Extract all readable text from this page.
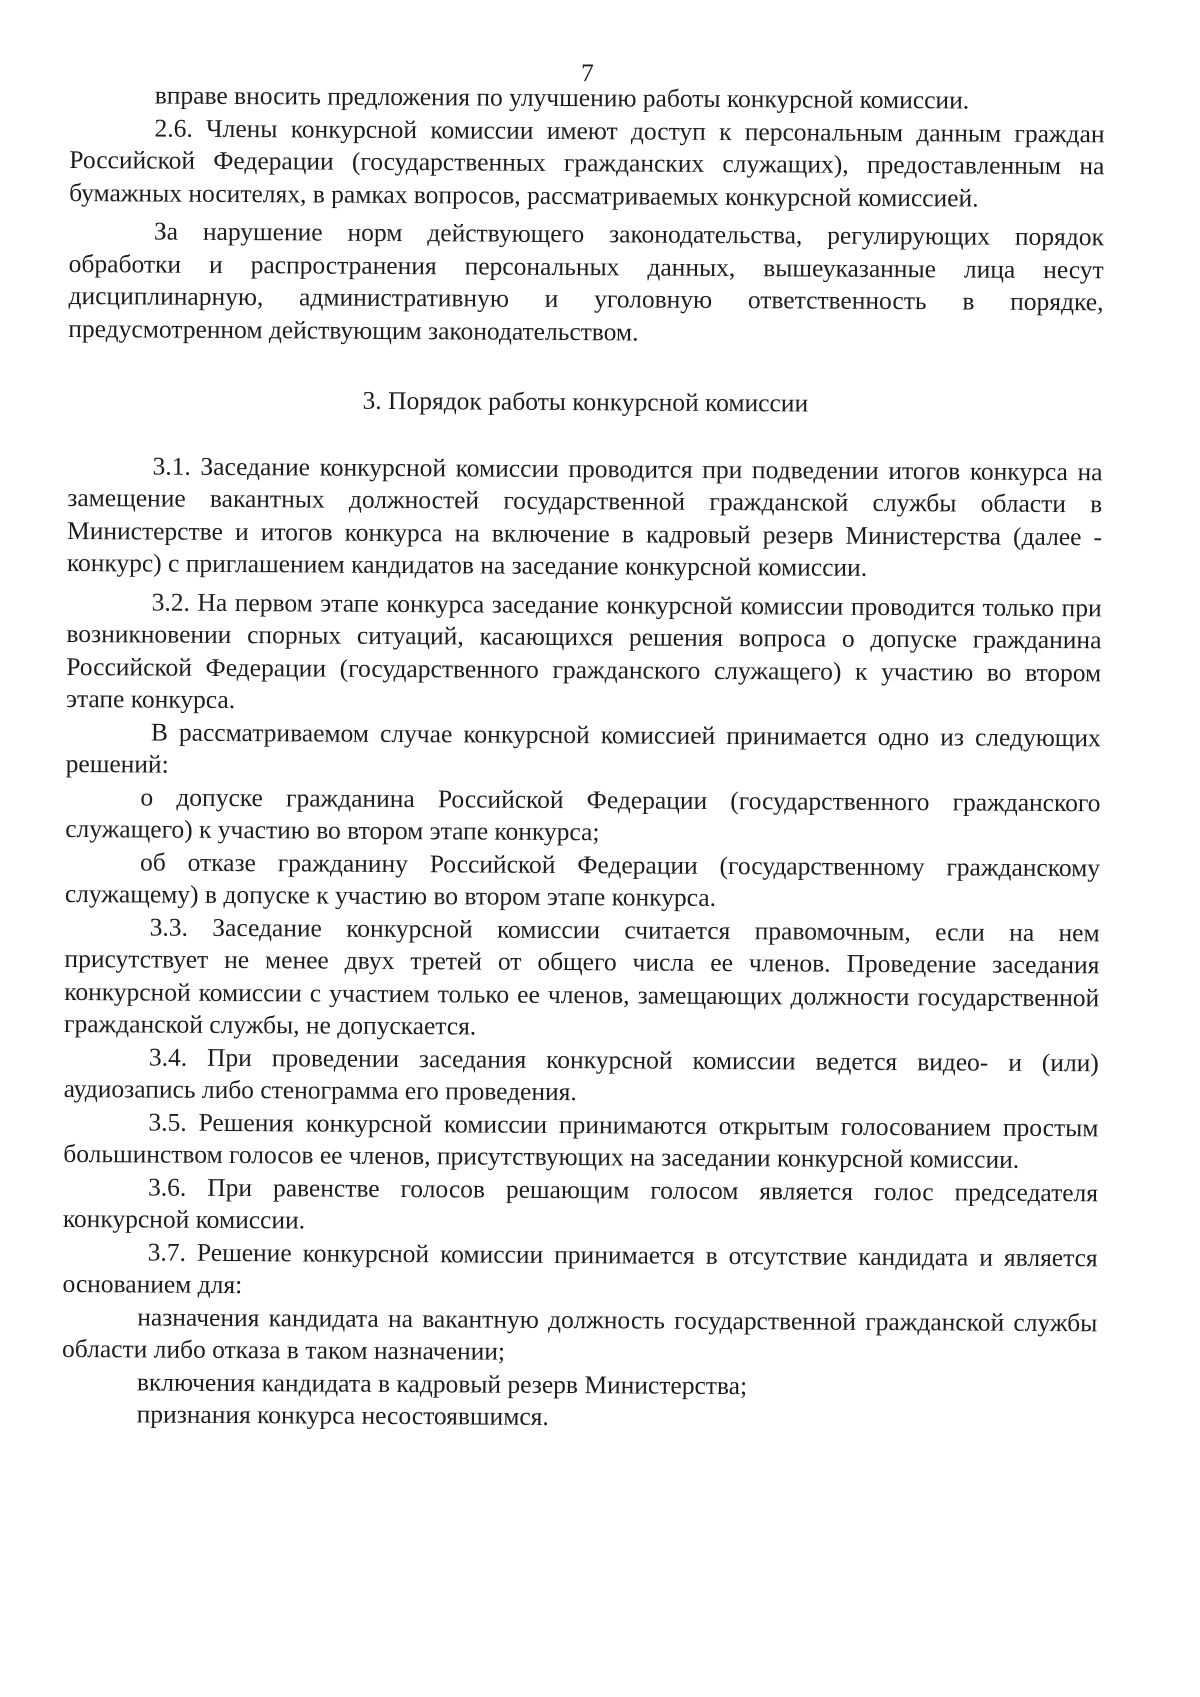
7
вправе вносить предложения по улучшению работы конкурсной комиссии.
2.6. Члены конкурсной комиссии имеют доступ к персональным данным граждан Российской Федерации (государственных гражданских служащих), предоставленным на бумажных носителях, в рамках вопросов, рассматриваемых конкурсной комиссией.
За нарушение норм действующего законодательства, регулирующих порядок обработки и распространения персональных данных, вышеуказанные лица несут дисциплинарную, административную и уголовную ответственность в порядке, предусмотренном действующим законодательством.
3. Порядок работы конкурсной комиссии
3.1. Заседание конкурсной комиссии проводится при подведении итогов конкурса на замещение вакантных должностей государственной гражданской службы области в Министерстве и итогов конкурса на включение в кадровый резерв Министерства (далее - конкурс) с приглашением кандидатов на заседание конкурсной комиссии.
3.2. На первом этапе конкурса заседание конкурсной комиссии проводится только при возникновении спорных ситуаций, касающихся решения вопроса о допуске гражданина Российской Федерации (государственного гражданского служащего) к участию во втором этапе конкурса.
В рассматриваемом случае конкурсной комиссией принимается одно из следующих решений:
о допуске гражданина Российской Федерации (государственного гражданского служащего) к участию во втором этапе конкурса;
об отказе гражданину Российской Федерации (государственному гражданскому служащему) в допуске к участию во втором этапе конкурса.
3.3. Заседание конкурсной комиссии считается правомочным, если на нем присутствует не менее двух третей от общего числа ее членов. Проведение заседания конкурсной комиссии с участием только ее членов, замещающих должности государственной гражданской службы, не допускается.
3.4. При проведении заседания конкурсной комиссии ведется видео- и (или) аудиозапись либо стенограмма его проведения.
3.5. Решения конкурсной комиссии принимаются открытым голосованием простым большинством голосов ее членов, присутствующих на заседании конкурсной комиссии.
3.6. При равенстве голосов решающим голосом является голос председателя конкурсной комиссии.
3.7. Решение конкурсной комиссии принимается в отсутствие кандидата и является основанием для:
назначения кандидата на вакантную должность государственной гражданской службы области либо отказа в таком назначении;
включения кандидата в кадровый резерв Министерства;
признания конкурса несостоявшимся.
